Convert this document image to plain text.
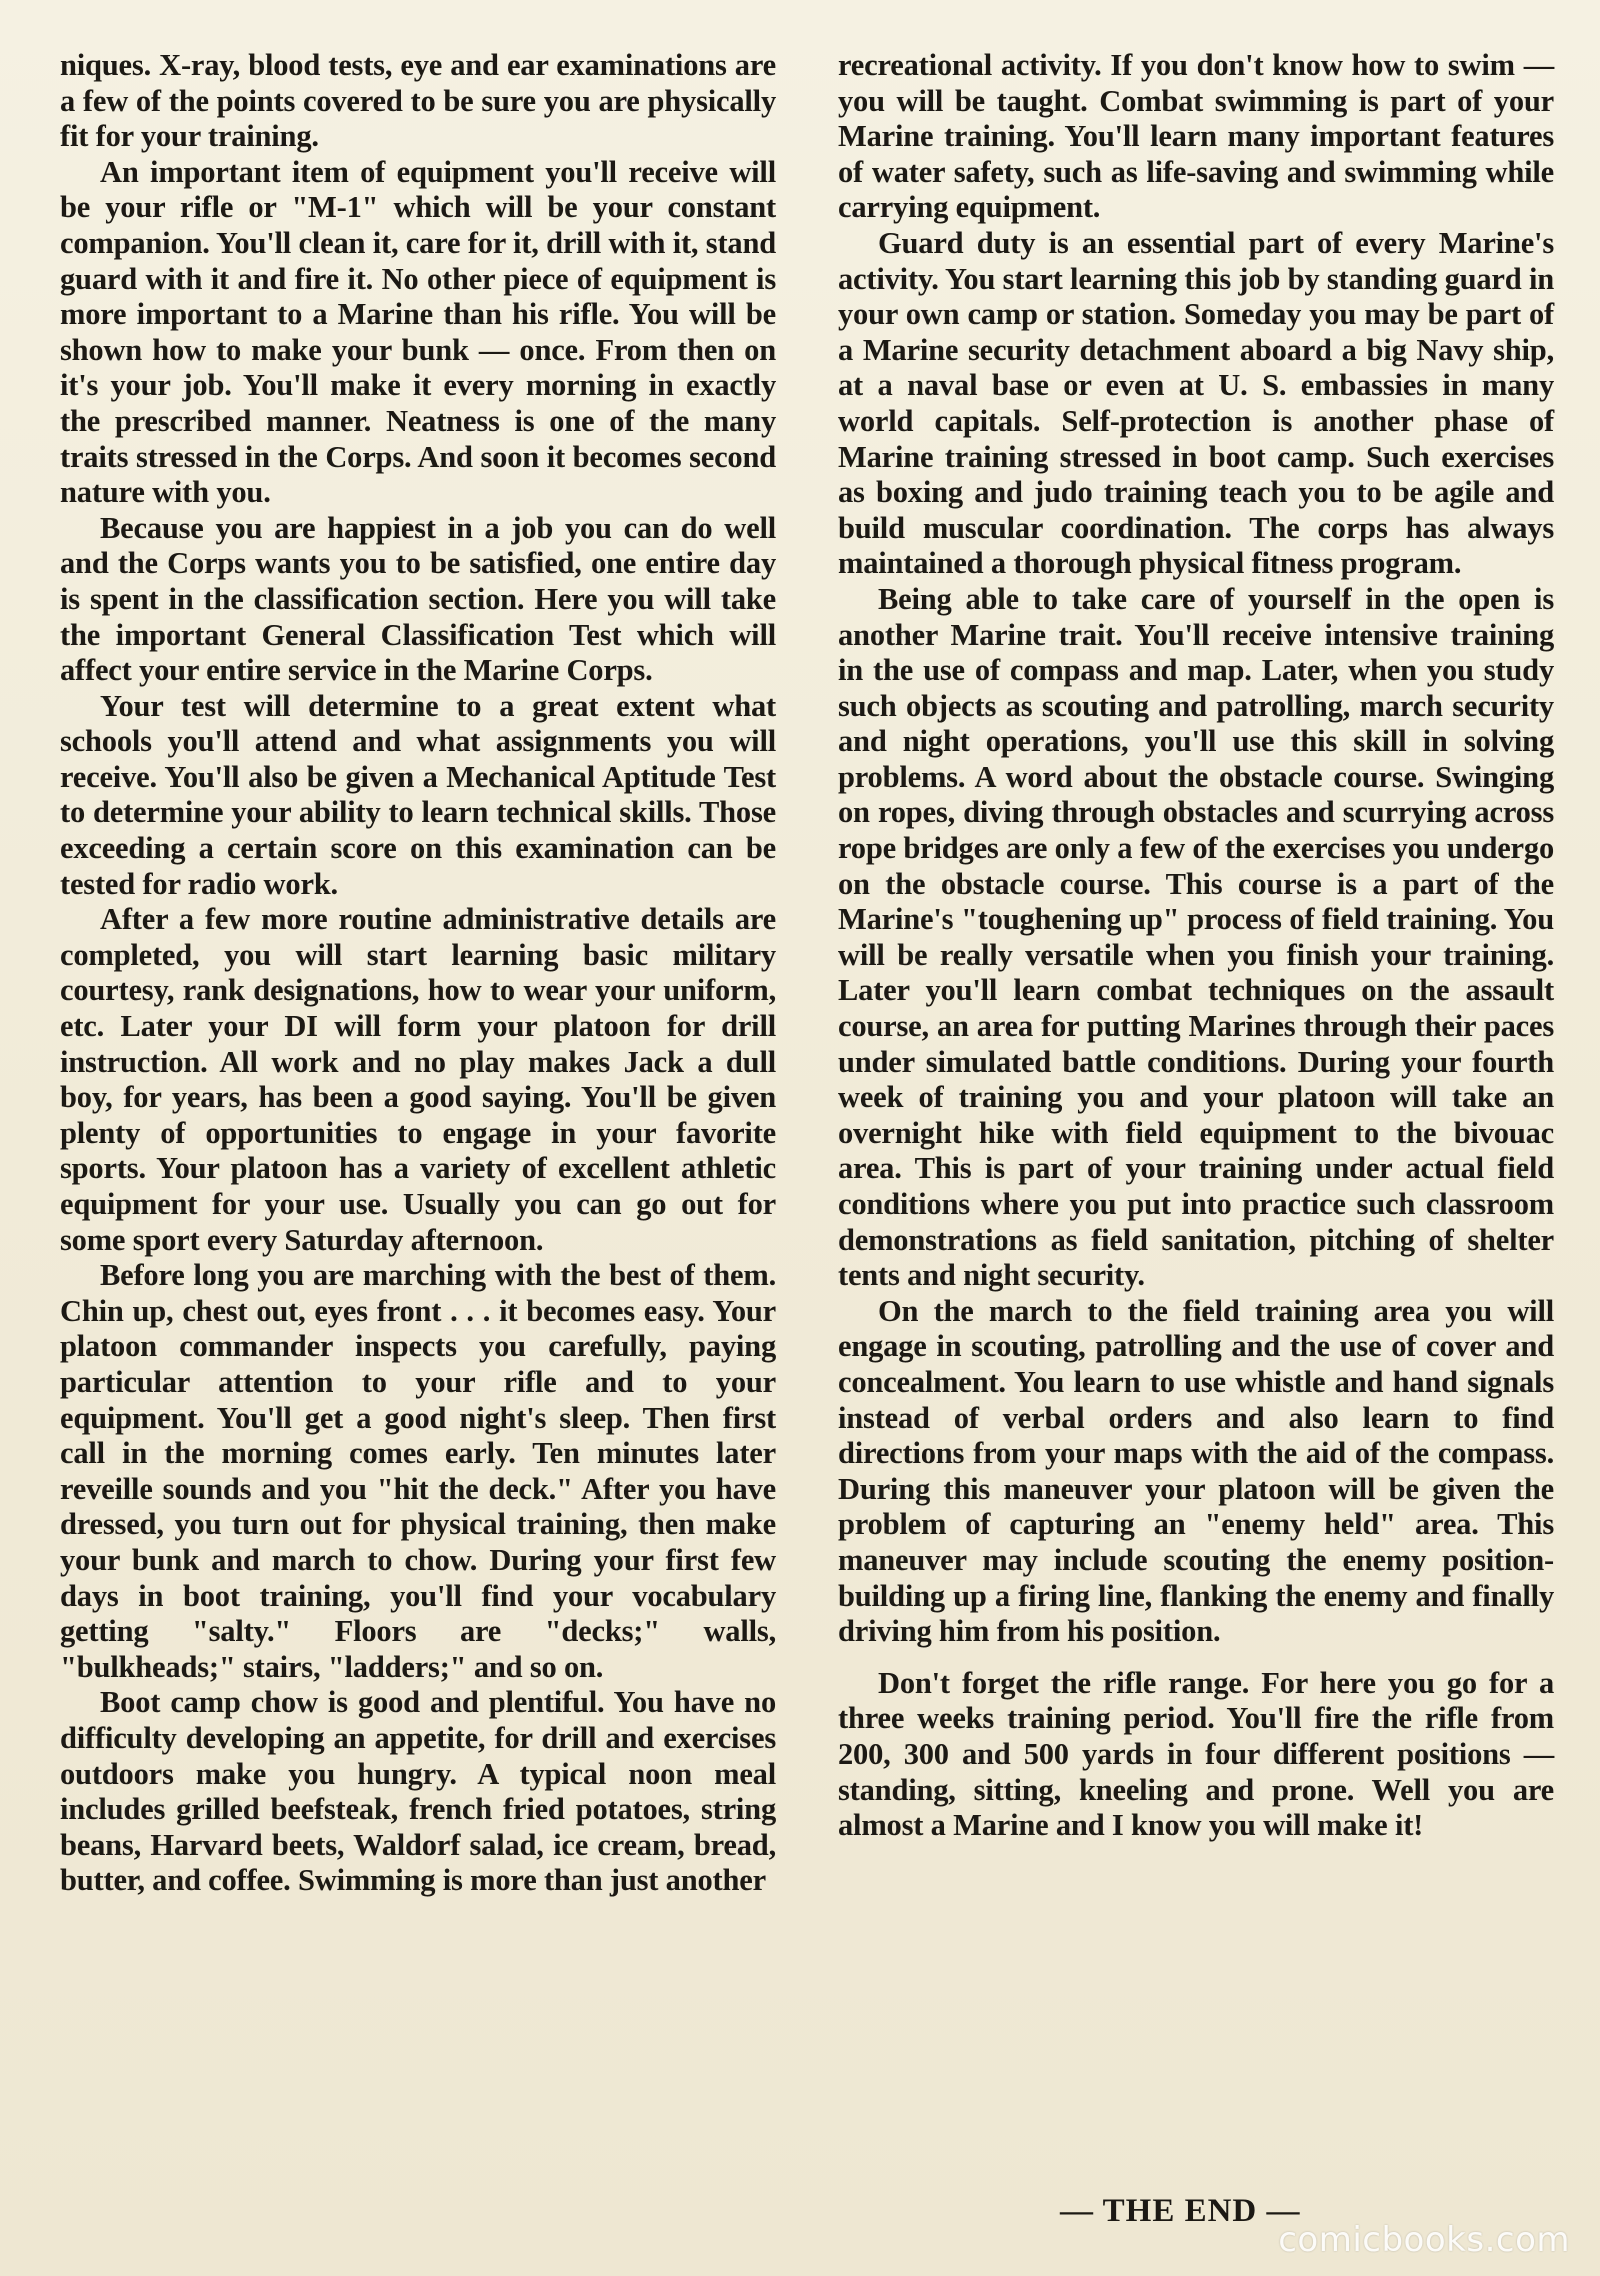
niques. X-ray, blood tests, eye and ear examinations are a few of the points covered to be sure you are physically fit for your training.

An important item of equipment you'll receive will be your rifle or "M-1" which will be your constant companion. You'll clean it, care for it, drill with it, stand guard with it and fire it. No other piece of equipment is more important to a Marine than his rifle. You will be shown how to make your bunk — once. From then on it's your job. You'll make it every morning in exactly the prescribed manner. Neatness is one of the many traits stressed in the Corps. And soon it becomes second nature with you.

Because you are happiest in a job you can do well and the Corps wants you to be satisfied, one entire day is spent in the classification section. Here you will take the important General Classification Test which will affect your entire service in the Marine Corps.

Your test will determine to a great extent what schools you'll attend and what assignments you will receive. You'll also be given a Mechanical Aptitude Test to determine your ability to learn technical skills. Those exceeding a certain score on this examination can be tested for radio work.

After a few more routine administrative details are completed, you will start learning basic military courtesy, rank designations, how to wear your uniform, etc. Later your DI will form your platoon for drill instruction. All work and no play makes Jack a dull boy, for years, has been a good saying. You'll be given plenty of opportunities to engage in your favorite sports. Your platoon has a variety of excellent athletic equipment for your use. Usually you can go out for some sport every Saturday afternoon.

Before long you are marching with the best of them. Chin up, chest out, eyes front . . . it becomes easy. Your platoon commander inspects you carefully, paying particular attention to your rifle and to your equipment. You'll get a good night's sleep. Then first call in the morning comes early. Ten minutes later reveille sounds and you "hit the deck." After you have dressed, you turn out for physical training, then make your bunk and march to chow. During your first few days in boot training, you'll find your vocabulary getting "salty." Floors are "decks;" walls, "bulkheads;" stairs, "ladders;" and so on.

Boot camp chow is good and plentiful. You have no difficulty developing an appetite, for drill and exercises outdoors make you hungry. A typical noon meal includes grilled beefsteak, french fried potatoes, string beans, Harvard beets, Waldorf salad, ice cream, bread, butter, and coffee. Swimming is more than just another

recreational activity. If you don't know how to swim — you will be taught. Combat swimming is part of your Marine training. You'll learn many important features of water safety, such as life-saving and swimming while carrying equipment.

Guard duty is an essential part of every Marine's activity. You start learning this job by standing guard in your own camp or station. Someday you may be part of a Marine security detachment aboard a big Navy ship, at a naval base or even at U. S. embassies in many world capitals. Self-protection is another phase of Marine training stressed in boot camp. Such exercises as boxing and judo training teach you to be agile and build muscular coordination. The corps has always maintained a thorough physical fitness program.

Being able to take care of yourself in the open is another Marine trait. You'll receive intensive training in the use of compass and map. Later, when you study such objects as scouting and patrolling, march security and night operations, you'll use this skill in solving problems. A word about the obstacle course. Swinging on ropes, diving through obstacles and scurrying across rope bridges are only a few of the exercises you undergo on the obstacle course. This course is a part of the Marine's "toughening up" process of field training. You will be really versatile when you finish your training. Later you'll learn combat techniques on the assault course, an area for putting Marines through their paces under simulated battle conditions. During your fourth week of training you and your platoon will take an overnight hike with field equipment to the bivouac area. This is part of your training under actual field conditions where you put into practice such classroom demonstrations as field sanitation, pitching of shelter tents and night security.

On the march to the field training area you will engage in scouting, patrolling and the use of cover and concealment. You learn to use whistle and hand signals instead of verbal orders and also learn to find directions from your maps with the aid of the compass. During this maneuver your platoon will be given the problem of capturing an "enemy held" area. This maneuver may include scouting the enemy position-building up a firing line, flanking the enemy and finally driving him from his position.

Don't forget the rifle range. For here you go for a three weeks training period. You'll fire the rifle from 200, 300 and 500 yards in four different positions — standing, sitting, kneeling and prone. Well you are almost a Marine and I know you will make it!

— THE END —
comicbooks.com
